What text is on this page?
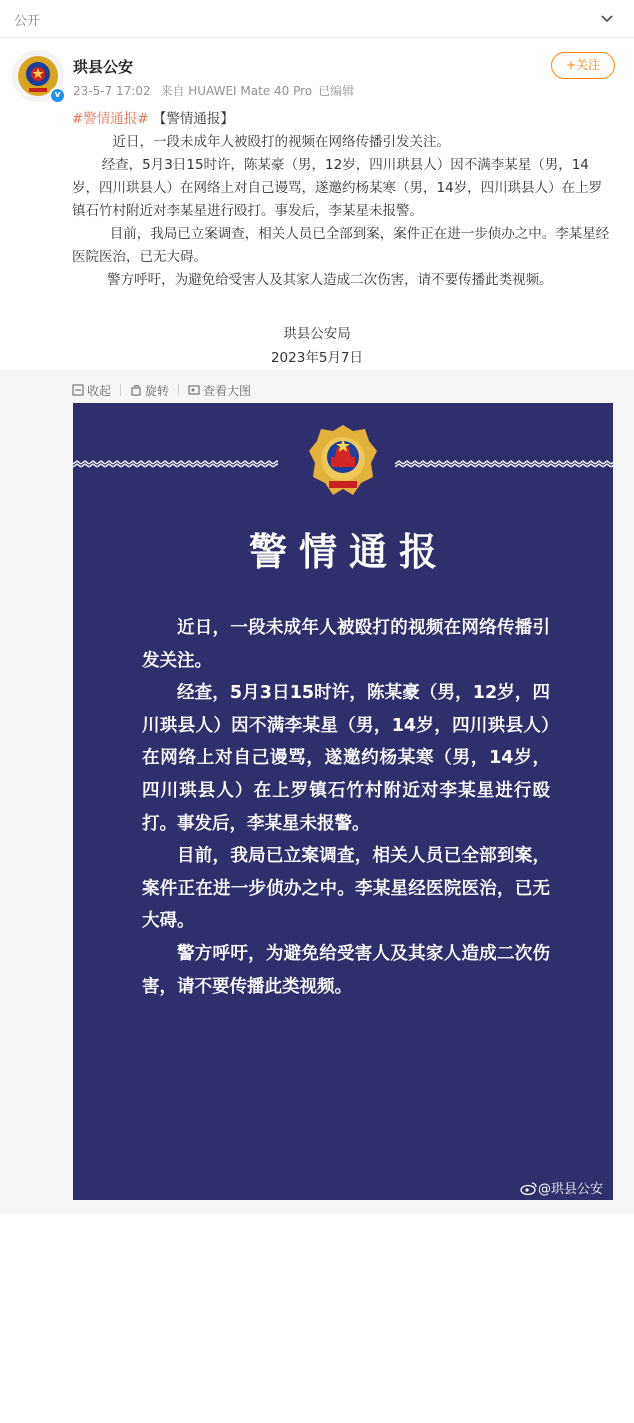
公开
v
珙县公安
23-5-7 17:02 来自 HUAWEI Mate 40 Pro 已编辑
+关注
#警情通报# 【警情通报】

近日，一段未成年人被殴打的视频在网络传播引发关注。

经查，5月3日15时许，陈某豪（男，12岁，四川珙县人）因不满李某星（男，14岁，四川珙县人）在网络上对自己谩骂，遂邀约杨某寒（男，14岁，四川珙县人）在上罗镇石竹村附近对李某星进行殴打。事发后，李某星未报警。

目前，我局已立案调查，相关人员已全部到案，案件正在进一步侦办之中。李某星经医院医治，已无大碍。

警方呼吁，为避免给受害人及其家人造成二次伤害，请不要传播此类视频。

珙县公安局
2023年5月7日
收起	旋转	查看大图
警情通报

近日，一段未成年人被殴打的视频在网络传播引发关注。

经查，5月3日15时许，陈某豪（男，12岁，四川珙县人）因不满李某星（男，14岁，四川珙县人）在网络上对自己谩骂，遂邀约杨某寒（男，14岁，四川珙县人）在上罗镇石竹村附近对李某星进行殴打。事发后，李某星未报警。

目前，我局已立案调查，相关人员已全部到案，案件正在进一步侦办之中。李某星经医院医治，已无大碍。

警方呼吁，为避免给受害人及其家人造成二次伤害，请不要传播此类视频。

珙县公安局
2023年5月7日
@珙县公安
